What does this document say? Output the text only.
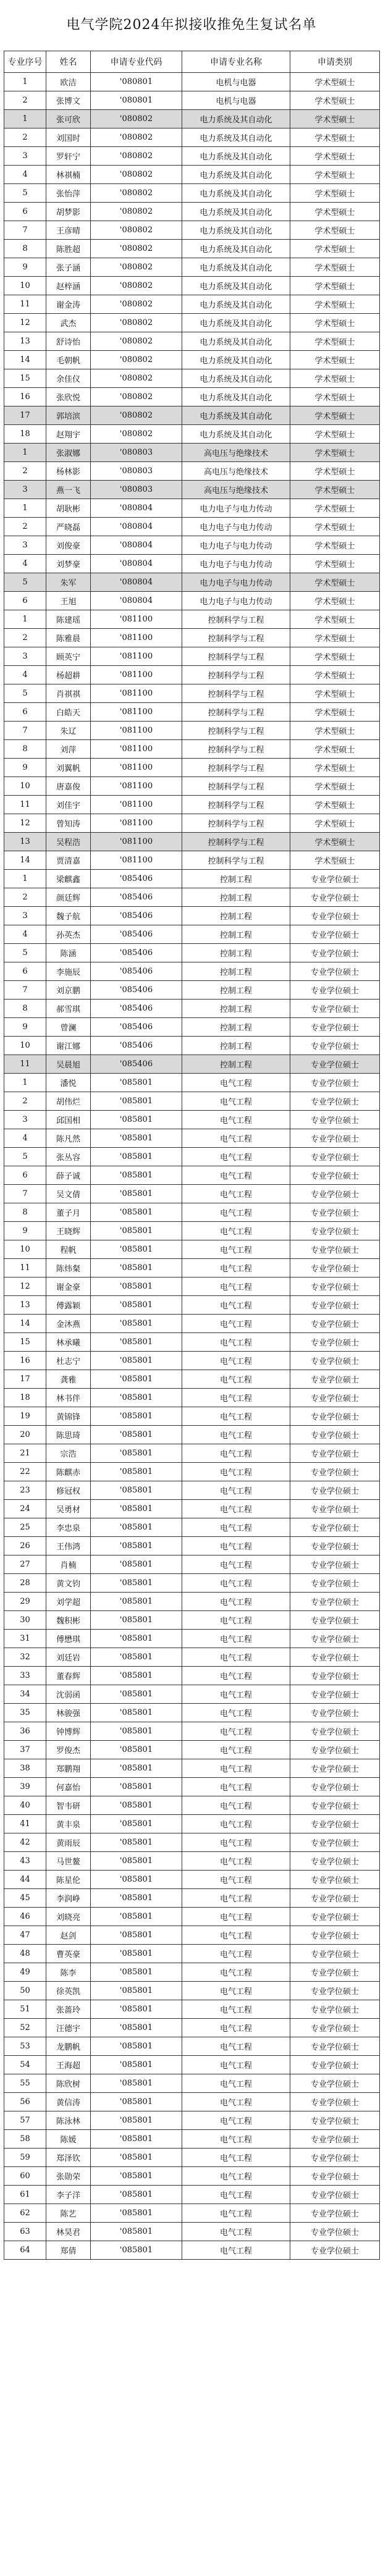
电气学院2024年拟接收推免生复试名单
专业序号	姓名	申请专业代码	申请专业名称	申请类别
1	欧洁	'080801	电机与电器	学术型硕士
2	张博文	'080801	电机与电器	学术型硕士
1	张可欣	'080802	电力系统及其自动化	学术型硕士
2	刘国时	'080802	电力系统及其自动化	学术型硕士
3	罗轩宁	'080802	电力系统及其自动化	学术型硕士
4	林祺楠	'080802	电力系统及其自动化	学术型硕士
5	张怡萍	'080802	电力系统及其自动化	学术型硕士
6	胡梦影	'080802	电力系统及其自动化	学术型硕士
7	王彦晴	'080802	电力系统及其自动化	学术型硕士
8	陈胜超	'080802	电力系统及其自动化	学术型硕士
9	张子涵	'080802	电力系统及其自动化	学术型硕士
10	赵梓涵	'080802	电力系统及其自动化	学术型硕士
11	谢金涛	'080802	电力系统及其自动化	学术型硕士
12	武杰	'080802	电力系统及其自动化	学术型硕士
13	舒诗怡	'080802	电力系统及其自动化	学术型硕士
14	毛朝帆	'080802	电力系统及其自动化	学术型硕士
15	余佳仪	'080802	电力系统及其自动化	学术型硕士
16	张欣悦	'080802	电力系统及其自动化	学术型硕士
17	郭培滨	'080802	电力系统及其自动化	学术型硕士
18	赵翔宇	'080802	电力系统及其自动化	学术型硕士
1	张淑娜	'080803	高电压与绝缘技术	学术型硕士
2	杨林影	'080803	高电压与绝缘技术	学术型硕士
3	燕一飞	'080803	高电压与绝缘技术	学术型硕士
1	胡耿彬	'080804	电力电子与电力传动	学术型硕士
2	严晓磊	'080804	电力电子与电力传动	学术型硕士
3	刘俊豪	'080804	电力电子与电力传动	学术型硕士
4	刘梦豪	'080804	电力电子与电力传动	学术型硕士
5	朱军	'080804	电力电子与电力传动	学术型硕士
6	王旭	'080804	电力电子与电力传动	学术型硕士
1	陈建瑶	'081100	控制科学与工程	学术型硕士
2	陈雅晨	'081100	控制科学与工程	学术型硕士
3	顾英宁	'081100	控制科学与工程	学术型硕士
4	杨超耕	'081100	控制科学与工程	学术型硕士
5	肖祺祺	'081100	控制科学与工程	学术型硕士
6	白皓天	'081100	控制科学与工程	学术型硕士
7	朱辽	'081100	控制科学与工程	学术型硕士
8	刘萍	'081100	控制科学与工程	学术型硕士
9	刘翼帆	'081100	控制科学与工程	学术型硕士
10	唐嘉俊	'081100	控制科学与工程	学术型硕士
11	刘佳宇	'081100	控制科学与工程	学术型硕士
12	曾知涛	'081100	控制科学与工程	学术型硕士
13	吴程浩	'081100	控制科学与工程	学术型硕士
14	贾清嘉	'081100	控制科学与工程	学术型硕士
1	梁麒鑫	'085406	控制工程	专业学位硕士
2	颜廷辉	'085406	控制工程	专业学位硕士
3	魏子航	'085406	控制工程	专业学位硕士
4	孙英杰	'085406	控制工程	专业学位硕士
5	陈涵	'085406	控制工程	专业学位硕士
6	李施辰	'085406	控制工程	专业学位硕士
7	刘京鹏	'085406	控制工程	专业学位硕士
8	郝雪琪	'085406	控制工程	专业学位硕士
9	曾澜	'085406	控制工程	专业学位硕士
10	谢江娜	'085406	控制工程	专业学位硕士
11	吴晨旭	'085406	控制工程	专业学位硕士
1	潘悦	'085801	电气工程	专业学位硕士
2	胡伟烂	'085801	电气工程	专业学位硕士
3	邱国相	'085801	电气工程	专业学位硕士
4	陈凡然	'085801	电气工程	专业学位硕士
5	张丛容	'085801	电气工程	专业学位硕士
6	薛子诚	'085801	电气工程	专业学位硕士
7	吴文倩	'085801	电气工程	专业学位硕士
8	董子月	'085801	电气工程	专业学位硕士
9	王晓辉	'085801	电气工程	专业学位硕士
10	程帆	'085801	电气工程	专业学位硕士
11	陈炜粲	'085801	电气工程	专业学位硕士
12	谢金豪	'085801	电气工程	专业学位硕士
13	傅露颖	'085801	电气工程	专业学位硕士
14	金沐燕	'085801	电气工程	专业学位硕士
15	林承曦	'085801	电气工程	专业学位硕士
16	杜志宁	'085801	电气工程	专业学位硕士
17	龚雅	'085801	电气工程	专业学位硕士
18	林书伴	'085801	电气工程	专业学位硕士
19	黄锦锋	'085801	电气工程	专业学位硕士
20	陈思琦	'085801	电气工程	专业学位硕士
21	宗浩	'085801	电气工程	专业学位硕士
22	陈麒赤	'085801	电气工程	专业学位硕士
23	修冠权	'085801	电气工程	专业学位硕士
24	吴勇材	'085801	电气工程	专业学位硕士
25	李忠泉	'085801	电气工程	专业学位硕士
26	王伟鸿	'085801	电气工程	专业学位硕士
27	肖楠	'085801	电气工程	专业学位硕士
28	黄文钧	'085801	电气工程	专业学位硕士
29	刘学超	'085801	电气工程	专业学位硕士
30	魏积彬	'085801	电气工程	专业学位硕士
31	傅懋琪	'085801	电气工程	专业学位硕士
32	刘廷岩	'085801	电气工程	专业学位硕士
33	董春辉	'085801	电气工程	专业学位硕士
34	沈弱函	'085801	电气工程	专业学位硕士
35	林骏强	'085801	电气工程	专业学位硕士
36	钟博辉	'085801	电气工程	专业学位硕士
37	罗俊杰	'085801	电气工程	专业学位硕士
38	郑鹏翔	'085801	电气工程	专业学位硕士
39	何嘉怡	'085801	电气工程	专业学位硕士
40	智韦研	'085801	电气工程	专业学位硕士
41	黄丰泉	'085801	电气工程	专业学位硕士
42	黄雨辰	'085801	电气工程	专业学位硕士
43	马世鳌	'085801	电气工程	专业学位硕士
44	陈星伦	'085801	电气工程	专业学位硕士
45	李润峥	'085801	电气工程	专业学位硕士
46	刘晓亮	'085801	电气工程	专业学位硕士
47	赵剑	'085801	电气工程	专业学位硕士
48	曹英豪	'085801	电气工程	专业学位硕士
49	陈李	'085801	电气工程	专业学位硕士
50	徐英凯	'085801	电气工程	专业学位硕士
51	张蔷玲	'085801	电气工程	专业学位硕士
52	汪德宇	'085801	电气工程	专业学位硕士
53	龙鹏帆	'085801	电气工程	专业学位硕士
54	王海超	'085801	电气工程	专业学位硕士
55	陈欣树	'085801	电气工程	专业学位硕士
56	黄信涛	'085801	电气工程	专业学位硕士
57	陈泳林	'085801	电气工程	专业学位硕士
58	陈媛	'085801	电气工程	专业学位硕士
59	郑泽钦	'085801	电气工程	专业学位硕士
60	张勋荣	'085801	电气工程	专业学位硕士
61	李子洋	'085801	电气工程	专业学位硕士
62	陈艺	'085801	电气工程	专业学位硕士
63	林昊君	'085801	电气工程	专业学位硕士
64	郑倩	'085801	电气工程	专业学位硕士
